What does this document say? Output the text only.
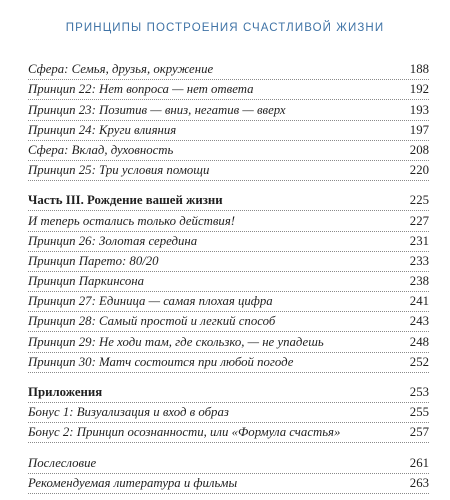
ПРИНЦИПЫ ПОСТРОЕНИЯ СЧАСТЛИВОЙ ЖИЗНИ
Сфера: Семья, друзья, окружение	188
Принцип 22: Нет вопроса — нет ответа	192
Принцип 23: Позитив — вниз, негатив — вверх	193
Принцип 24: Круги влияния	197
Сфера: Вклад, духовность	208
Принцип 25: Три условия помощи	220
Часть III. Рождение вашей жизни	225
И теперь остались только действия!	227
Принцип 26: Золотая середина	231
Принцип Парето: 80/20	233
Принцип Паркинсона	238
Принцип 27: Единица — самая плохая цифра	241
Принцип 28: Самый простой и легкий способ	243
Принцип 29: Не ходи там, где скользко, — не упадешь	248
Принцип 30: Матч состоится при любой погоде	252
Приложения	253
Бонус 1: Визуализация и вход в образ	255
Бонус 2: Принцип осознанности, или «Формула счастья»	257
Послесловие	261
Рекомендуемая литература и фильмы	263
